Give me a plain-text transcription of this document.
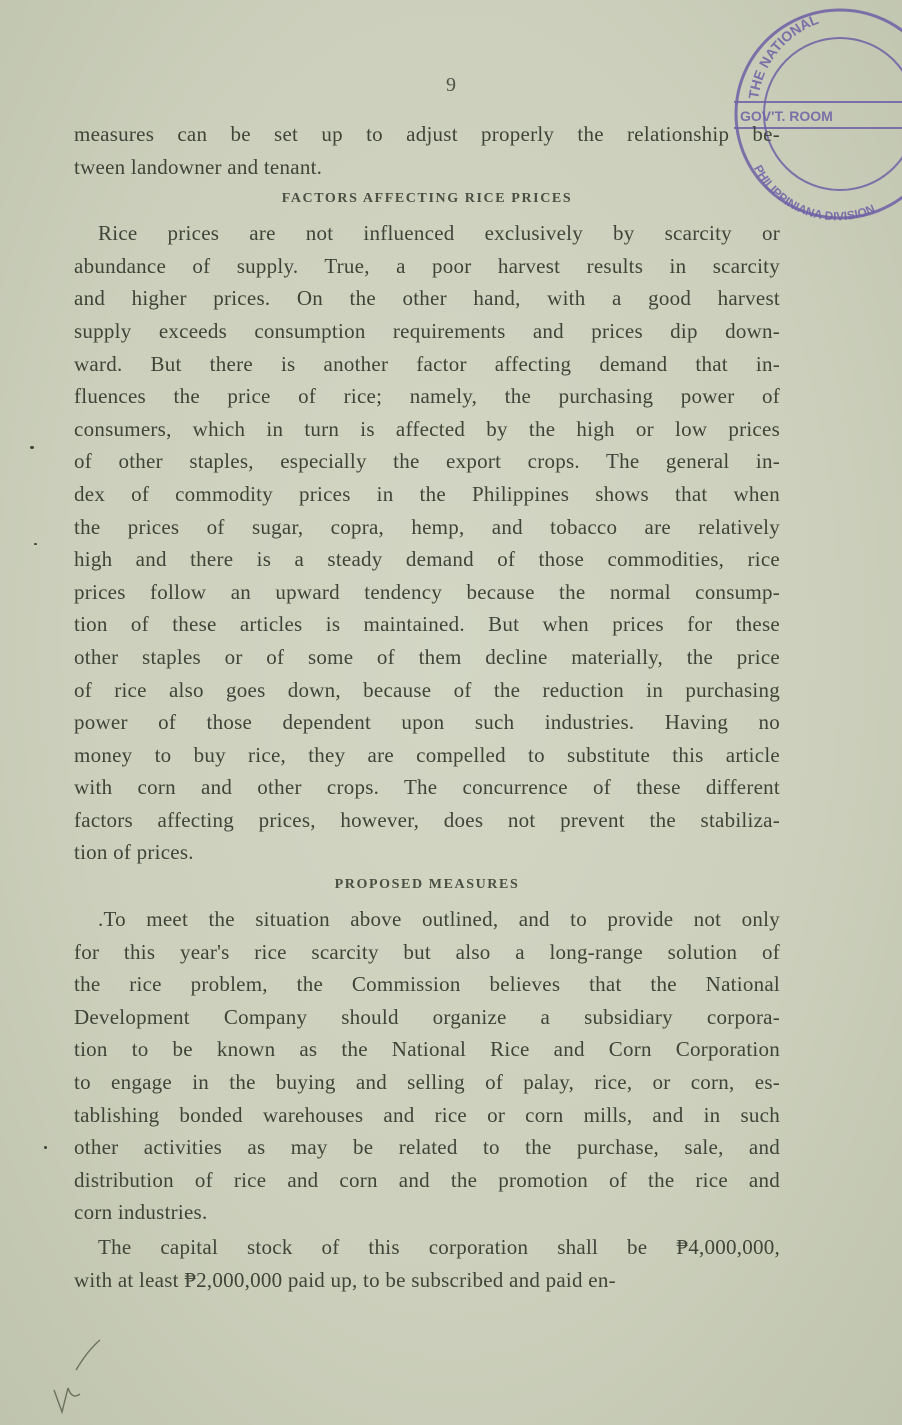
9	THE NATIONAL
GOV'T. ROOM
PHILIPPINIANA DIVISION

measures can be set up to adjust properly the relationship be-
tween landowner and tenant.

FACTORS AFFECTING RICE PRICES

Rice prices are not influenced exclusively by scarcity or
abundance of supply. True, a poor harvest results in scarcity
and higher prices. On the other hand, with a good harvest
supply exceeds consumption requirements and prices dip down-
ward. But there is another factor affecting demand that in-
fluences the price of rice; namely, the purchasing power of
consumers, which in turn is affected by the high or low prices
of other staples, especially the export crops. The general in-
dex of commodity prices in the Philippines shows that when
the prices of sugar, copra, hemp, and tobacco are relatively
high and there is a steady demand of those commodities, rice
prices follow an upward tendency because the normal consump-
tion of these articles is maintained. But when prices for these
other staples or of some of them decline materially, the price
of rice also goes down, because of the reduction in purchasing
power of those dependent upon such industries. Having no
money to buy rice, they are compelled to substitute this article
with corn and other crops. The concurrence of these different
factors affecting prices, however, does not prevent the stabiliza-
tion of prices.

PROPOSED MEASURES

.To meet the situation above outlined, and to provide not only
for this year's rice scarcity but also a long-range solution of
the rice problem, the Commission believes that the National
Development Company should organize a subsidiary corpora-
tion to be known as the National Rice and Corn Corporation
to engage in the buying and selling of palay, rice, or corn, es-
tablishing bonded warehouses and rice or corn mills, and in such
other activities as may be related to the purchase, sale, and
distribution of rice and corn and the promotion of the rice and
corn industries.

The capital stock of this corporation shall be ₱4,000,000,
with at least ₱2,000,000 paid up, to be subscribed and paid en-
